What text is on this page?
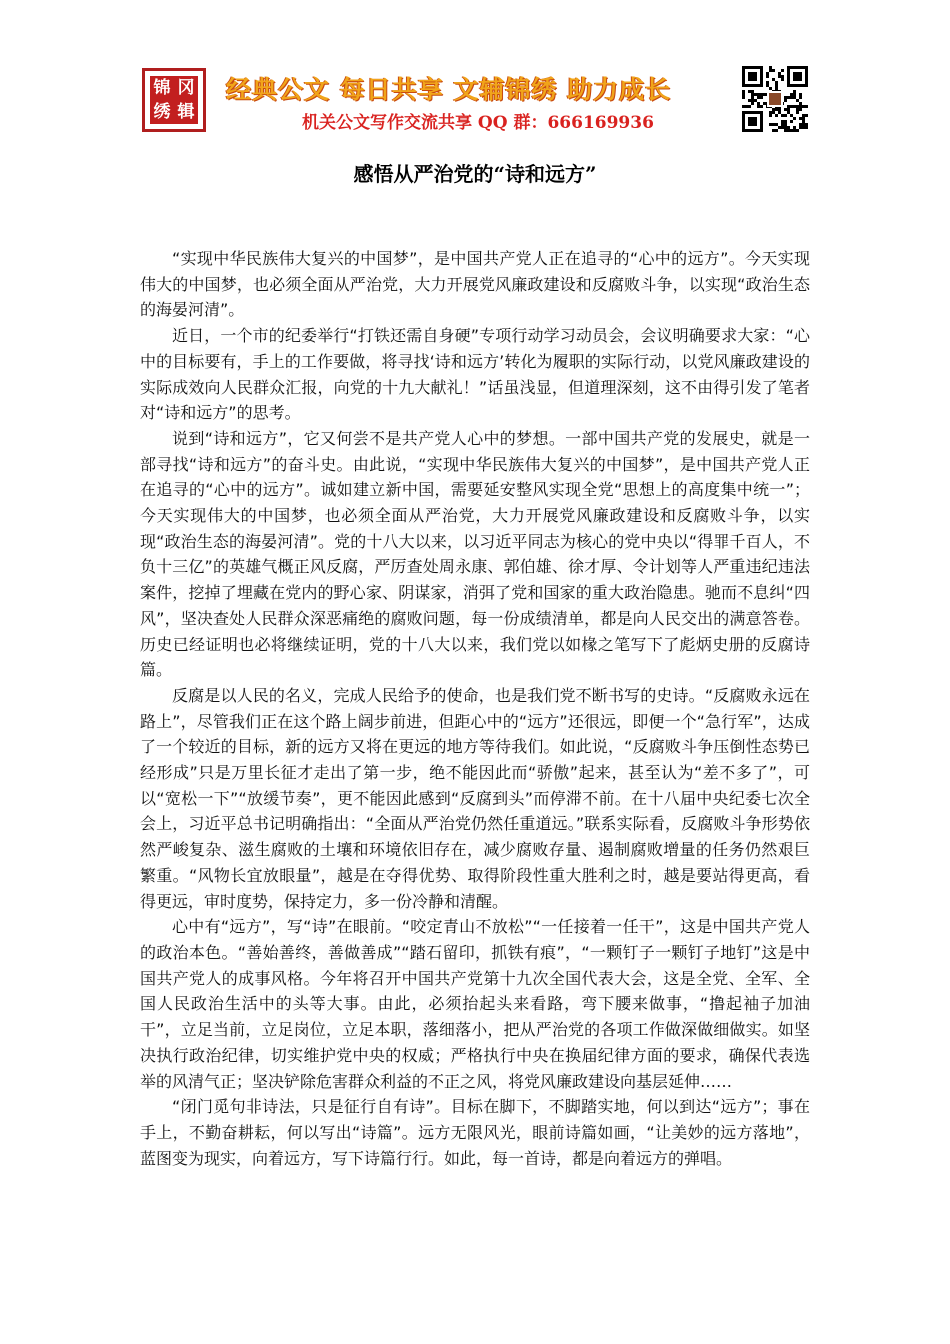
锦 冈
绣 辑
经典公文 每日共享 文辅锦绣 助力成长
机关公文写作交流共享 QQ 群：666169936
感悟从严治党的“诗和远方”

“实现中华民族伟大复兴的中国梦”，是中国共产党人正在追寻的“心中的远方”。今天实现伟大的中国梦，也必须全面从严治党，大力开展党风廉政建设和反腐败斗争，以实现“政治生态的海晏河清”。

近日，一个市的纪委举行“打铁还需自身硬”专项行动学习动员会，会议明确要求大家：“心中的目标要有，手上的工作要做，将寻找‘诗和远方’转化为履职的实际行动，以党风廉政建设的实际成效向人民群众汇报，向党的十九大献礼！”话虽浅显，但道理深刻，这不由得引发了笔者对“诗和远方”的思考。

说到“诗和远方”，它又何尝不是共产党人心中的梦想。一部中国共产党的发展史，就是一部寻找“诗和远方”的奋斗史。由此说，“实现中华民族伟大复兴的中国梦”，是中国共产党人正在追寻的“心中的远方”。诚如建立新中国，需要延安整风实现全党“思想上的高度集中统一”；今天实现伟大的中国梦，也必须全面从严治党，大力开展党风廉政建设和反腐败斗争，以实现“政治生态的海晏河清”。党的十八大以来，以习近平同志为核心的党中央以“得罪千百人，不负十三亿”的英雄气概正风反腐，严厉查处周永康、郭伯雄、徐才厚、令计划等人严重违纪违法案件，挖掉了埋藏在党内的野心家、阴谋家，消弭了党和国家的重大政治隐患。驰而不息纠“四风”，坚决查处人民群众深恶痛绝的腐败问题，每一份成绩清单，都是向人民交出的满意答卷。历史已经证明也必将继续证明，党的十八大以来，我们党以如椽之笔写下了彪炳史册的反腐诗篇。

反腐是以人民的名义，完成人民给予的使命，也是我们党不断书写的史诗。“反腐败永远在路上”，尽管我们正在这个路上阔步前进，但距心中的“远方”还很远，即便一个“急行军”，达成了一个较近的目标，新的远方又将在更远的地方等待我们。如此说，“反腐败斗争压倒性态势已经形成”只是万里长征才走出了第一步，绝不能因此而“骄傲”起来，甚至认为“差不多了”，可以“宽松一下”“放缓节奏”，更不能因此感到“反腐到头”而停滞不前。在十八届中央纪委七次全会上，习近平总书记明确指出：“全面从严治党仍然任重道远。”联系实际看，反腐败斗争形势依然严峻复杂、滋生腐败的土壤和环境依旧存在，减少腐败存量、遏制腐败增量的任务仍然艰巨繁重。“风物长宜放眼量”，越是在夺得优势、取得阶段性重大胜利之时，越是要站得更高，看得更远，审时度势，保持定力，多一份冷静和清醒。

心中有“远方”，写“诗”在眼前。“咬定青山不放松”“一任接着一任干”，这是中国共产党人的政治本色。“善始善终，善做善成”“踏石留印，抓铁有痕”，“一颗钉子一颗钉子地钉”这是中国共产党人的成事风格。今年将召开中国共产党第十九次全国代表大会，这是全党、全军、全国人民政治生活中的头等大事。由此，必须抬起头来看路，弯下腰来做事，“撸起袖子加油干”，立足当前，立足岗位，立足本职，落细落小，把从严治党的各项工作做深做细做实。如坚决执行政治纪律，切实维护党中央的权威；严格执行中央在换届纪律方面的要求，确保代表选举的风清气正；坚决铲除危害群众利益的不正之风，将党风廉政建设向基层延伸……

“闭门觅句非诗法，只是征行自有诗”。目标在脚下，不脚踏实地，何以到达“远方”；事在手上，不勤奋耕耘，何以写出“诗篇”。远方无限风光，眼前诗篇如画，“让美妙的远方落地”，蓝图变为现实，向着远方，写下诗篇行行。如此，每一首诗，都是向着远方的弹唱。
